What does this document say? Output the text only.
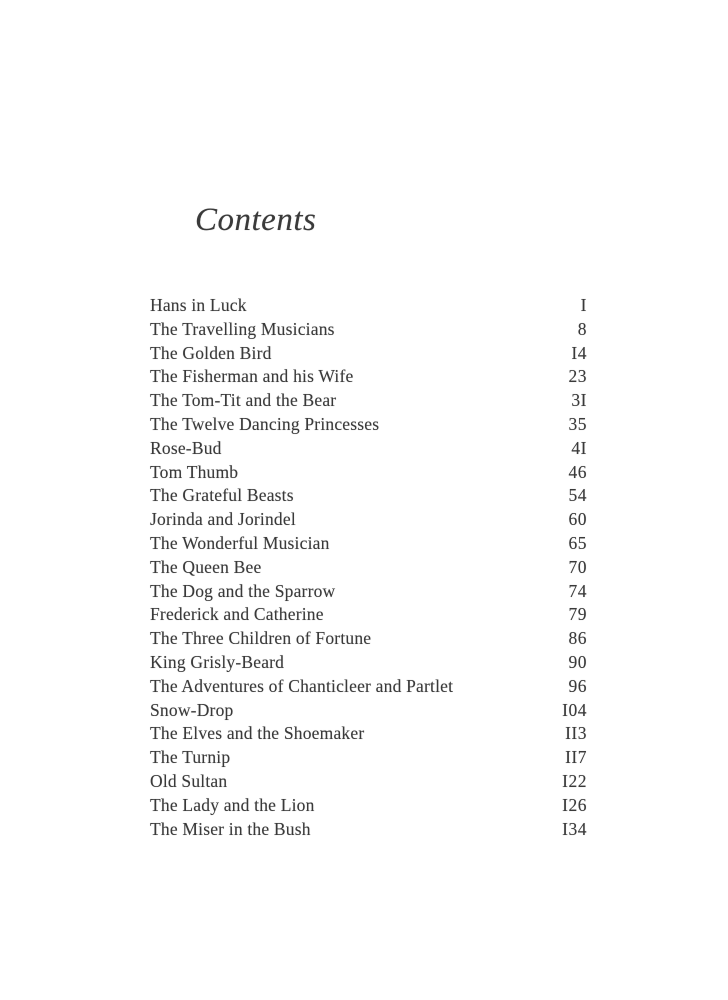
Contents
Hans in Luck	I
The Travelling Musicians	8
The Golden Bird	I4
The Fisherman and his Wife	23
The Tom-Tit and the Bear	3I
The Twelve Dancing Princesses	35
Rose-Bud	4I
Tom Thumb	46
The Grateful Beasts	54
Jorinda and Jorindel	60
The Wonderful Musician	65
The Queen Bee	70
The Dog and the Sparrow	74
Frederick and Catherine	79
The Three Children of Fortune	86
King Grisly-Beard	90
The Adventures of Chanticleer and Partlet	96
Snow-Drop	I04
The Elves and the Shoemaker	II3
The Turnip	II7
Old Sultan	I22
The Lady and the Lion	I26
The Miser in the Bush	I34
